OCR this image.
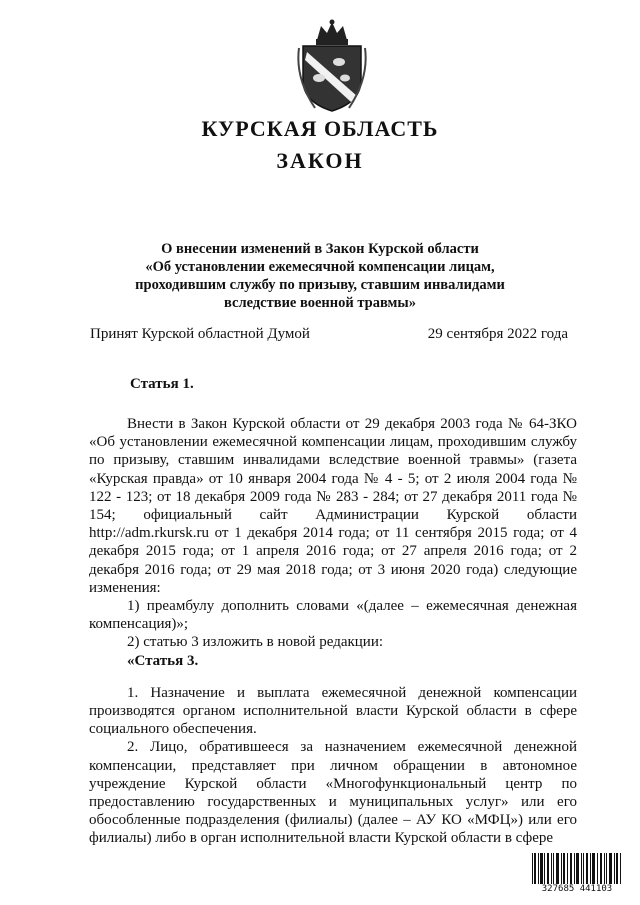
КУРСКАЯ ОБЛАСТЬ
ЗАКОН
О внесении изменений в Закон Курской области
«Об установлении ежемесячной компенсации лицам,
проходившим службу по призыву, ставшим инвалидами
вследствие военной травмы»
Принят Курской областной Думой	29 сентября 2022 года
Статья 1.

Внести в Закон Курской области от 29 декабря 2003 года № 64-ЗКО «Об установлении ежемесячной компенсации лицам, проходившим службу по призыву, ставшим инвалидами вследствие военной травмы» (газета «Курская правда» от 10 января 2004 года № 4 - 5; от 2 июля 2004 года № 122 - 123; от 18 декабря 2009 года № 283 - 284; от 27 декабря 2011 года № 154; официальный сайт Администрации Курской области http://adm.rkursk.ru от 1 декабря 2014 года; от 11 сентября 2015 года; от 4 декабря 2015 года; от 1 апреля 2016 года; от 27 апреля 2016 года; от 2 декабря 2016 года; от 29 мая 2018 года; от 3 июня 2020 года) следующие изменения:

1) преамбулу дополнить словами «(далее – ежемесячная денежная компенсация)»;

2) статью 3 изложить в новой редакции:

«Статья 3.

1. Назначение и выплата ежемесячной денежной компенсации производятся органом исполнительной власти Курской области в сфере социального обеспечения.

2. Лицо, обратившееся за назначением ежемесячной денежной компенсации, представляет при личном обращении в автономное учреждение Курской области «Многофункциональный центр по предоставлению государственных и муниципальных услуг» или его обособленные подразделения (филиалы) (далее – АУ КО «МФЦ») или его филиалы) либо в орган исполнительной власти Курской области в сфере

327685 441103
